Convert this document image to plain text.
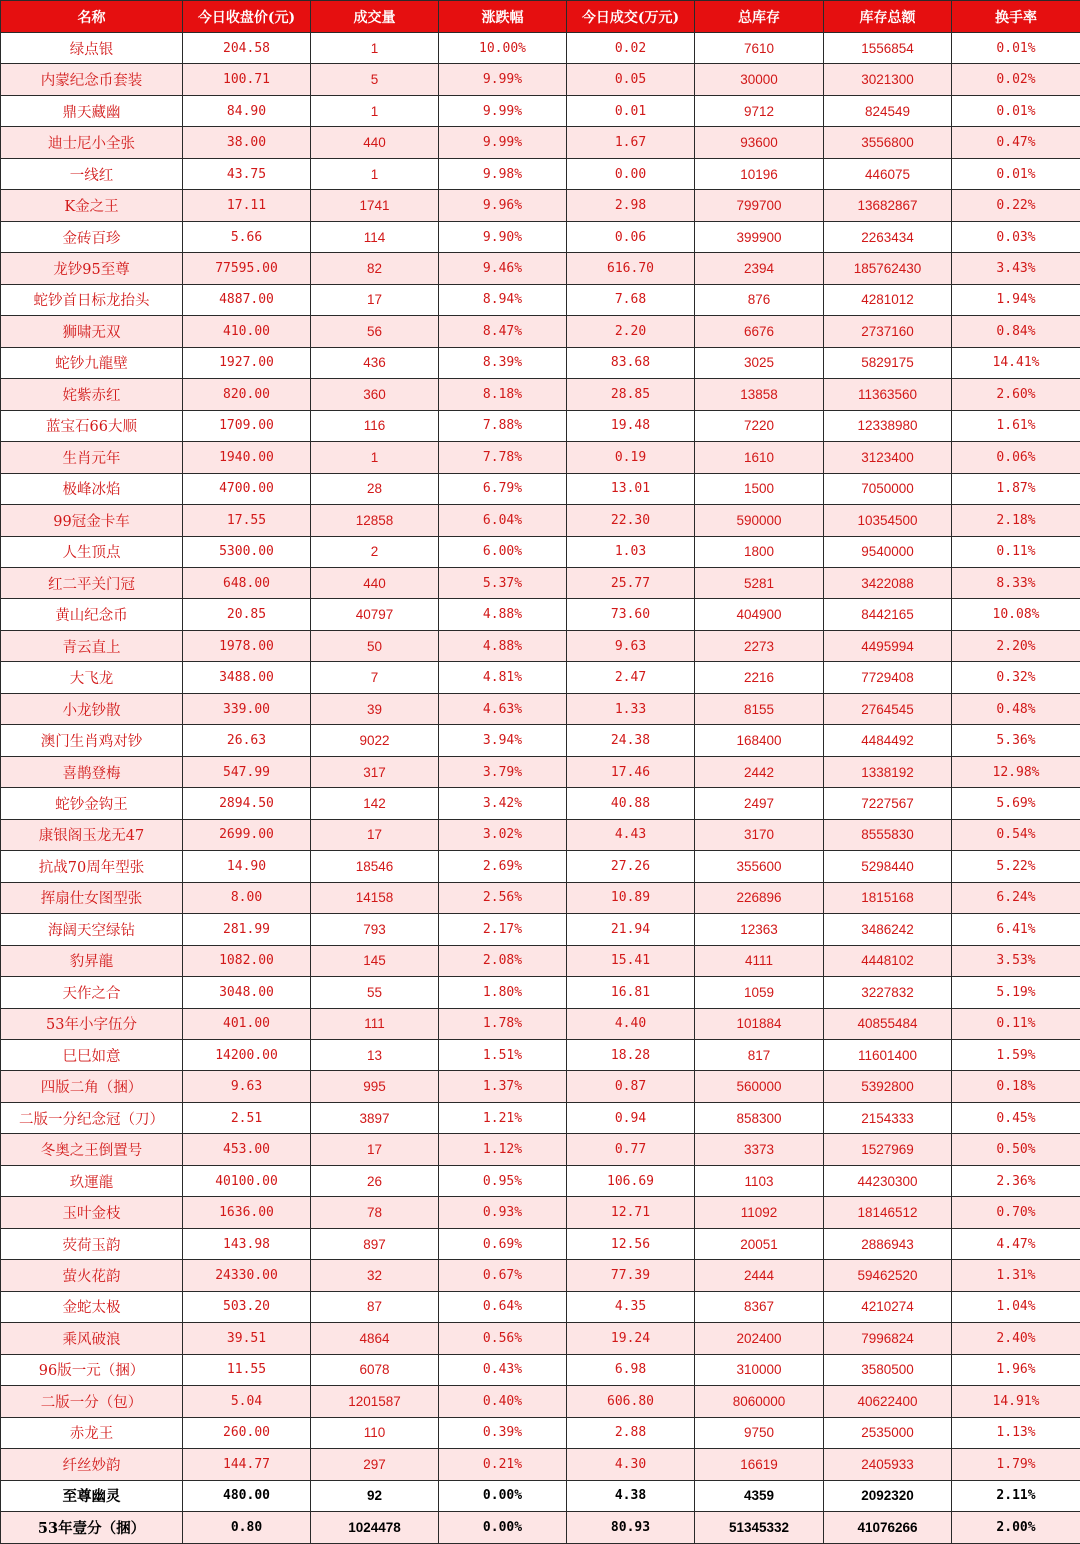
名称	今日收盘价(元)	成交量	涨跌幅	今日成交(万元)	总库存	库存总额	换手率
绿点银	204.58	1	10.00%	0.02	7610	1556854	0.01%
内蒙纪念币套装	100.71	5	9.99%	0.05	30000	3021300	0.02%
鼎天藏幽	84.90	1	9.99%	0.01	9712	824549	0.01%
迪士尼小全张	38.00	440	9.99%	1.67	93600	3556800	0.47%
一线红	43.75	1	9.98%	0.00	10196	446075	0.01%
K金之王	17.11	1741	9.96%	2.98	799700	13682867	0.22%
金砖百珍	5.66	114	9.90%	0.06	399900	2263434	0.03%
龙钞95至尊	77595.00	82	9.46%	616.70	2394	185762430	3.43%
蛇钞首日标龙抬头	4887.00	17	8.94%	7.68	876	4281012	1.94%
狮啸无双	410.00	56	8.47%	2.20	6676	2737160	0.84%
蛇钞九龍壁	1927.00	436	8.39%	83.68	3025	5829175	14.41%
姹紫赤红	820.00	360	8.18%	28.85	13858	11363560	2.60%
蓝宝石66大顺	1709.00	116	7.88%	19.48	7220	12338980	1.61%
生肖元年	1940.00	1	7.78%	0.19	1610	3123400	0.06%
极峰冰焰	4700.00	28	6.79%	13.01	1500	7050000	1.87%
99冠金卡车	17.55	12858	6.04%	22.30	590000	10354500	2.18%
人生顶点	5300.00	2	6.00%	1.03	1800	9540000	0.11%
红二平关门冠	648.00	440	5.37%	25.77	5281	3422088	8.33%
黄山纪念币	20.85	40797	4.88%	73.60	404900	8442165	10.08%
青云直上	1978.00	50	4.88%	9.63	2273	4495994	2.20%
大飞龙	3488.00	7	4.81%	2.47	2216	7729408	0.32%
小龙钞散	339.00	39	4.63%	1.33	8155	2764545	0.48%
澳门生肖鸡对钞	26.63	9022	3.94%	24.38	168400	4484492	5.36%
喜鹊登梅	547.99	317	3.79%	17.46	2442	1338192	12.98%
蛇钞金钩王	2894.50	142	3.42%	40.88	2497	7227567	5.69%
康银阁玉龙无47	2699.00	17	3.02%	4.43	3170	8555830	0.54%
抗战70周年型张	14.90	18546	2.69%	27.26	355600	5298440	5.22%
挥扇仕女图型张	8.00	14158	2.56%	10.89	226896	1815168	6.24%
海阔天空绿钻	281.99	793	2.17%	21.94	12363	3486242	6.41%
豹昇龍	1082.00	145	2.08%	15.41	4111	4448102	3.53%
天作之合	3048.00	55	1.80%	16.81	1059	3227832	5.19%
53年小字伍分	401.00	111	1.78%	4.40	101884	40855484	0.11%
巳巳如意	14200.00	13	1.51%	18.28	817	11601400	1.59%
四版二角（捆）	9.63	995	1.37%	0.87	560000	5392800	0.18%
二版一分纪念冠（刀）	2.51	3897	1.21%	0.94	858300	2154333	0.45%
冬奥之王倒置号	453.00	17	1.12%	0.77	3373	1527969	0.50%
玖運龍	40100.00	26	0.95%	106.69	1103	44230300	2.36%
玉叶金枝	1636.00	78	0.93%	12.71	11092	18146512	0.70%
荧荷玉韵	143.98	897	0.69%	12.56	20051	2886943	4.47%
萤火花韵	24330.00	32	0.67%	77.39	2444	59462520	1.31%
金蛇太极	503.20	87	0.64%	4.35	8367	4210274	1.04%
乘风破浪	39.51	4864	0.56%	19.24	202400	7996824	2.40%
96版一元（捆）	11.55	6078	0.43%	6.98	310000	3580500	1.96%
二版一分（包）	5.04	1201587	0.40%	606.80	8060000	40622400	14.91%
赤龙王	260.00	110	0.39%	2.88	9750	2535000	1.13%
纤丝妙韵	144.77	297	0.21%	4.30	16619	2405933	1.79%
至尊幽灵	480.00	92	0.00%	4.38	4359	2092320	2.11%
53年壹分（捆）	0.80	1024478	0.00%	80.93	51345332	41076266	2.00%
